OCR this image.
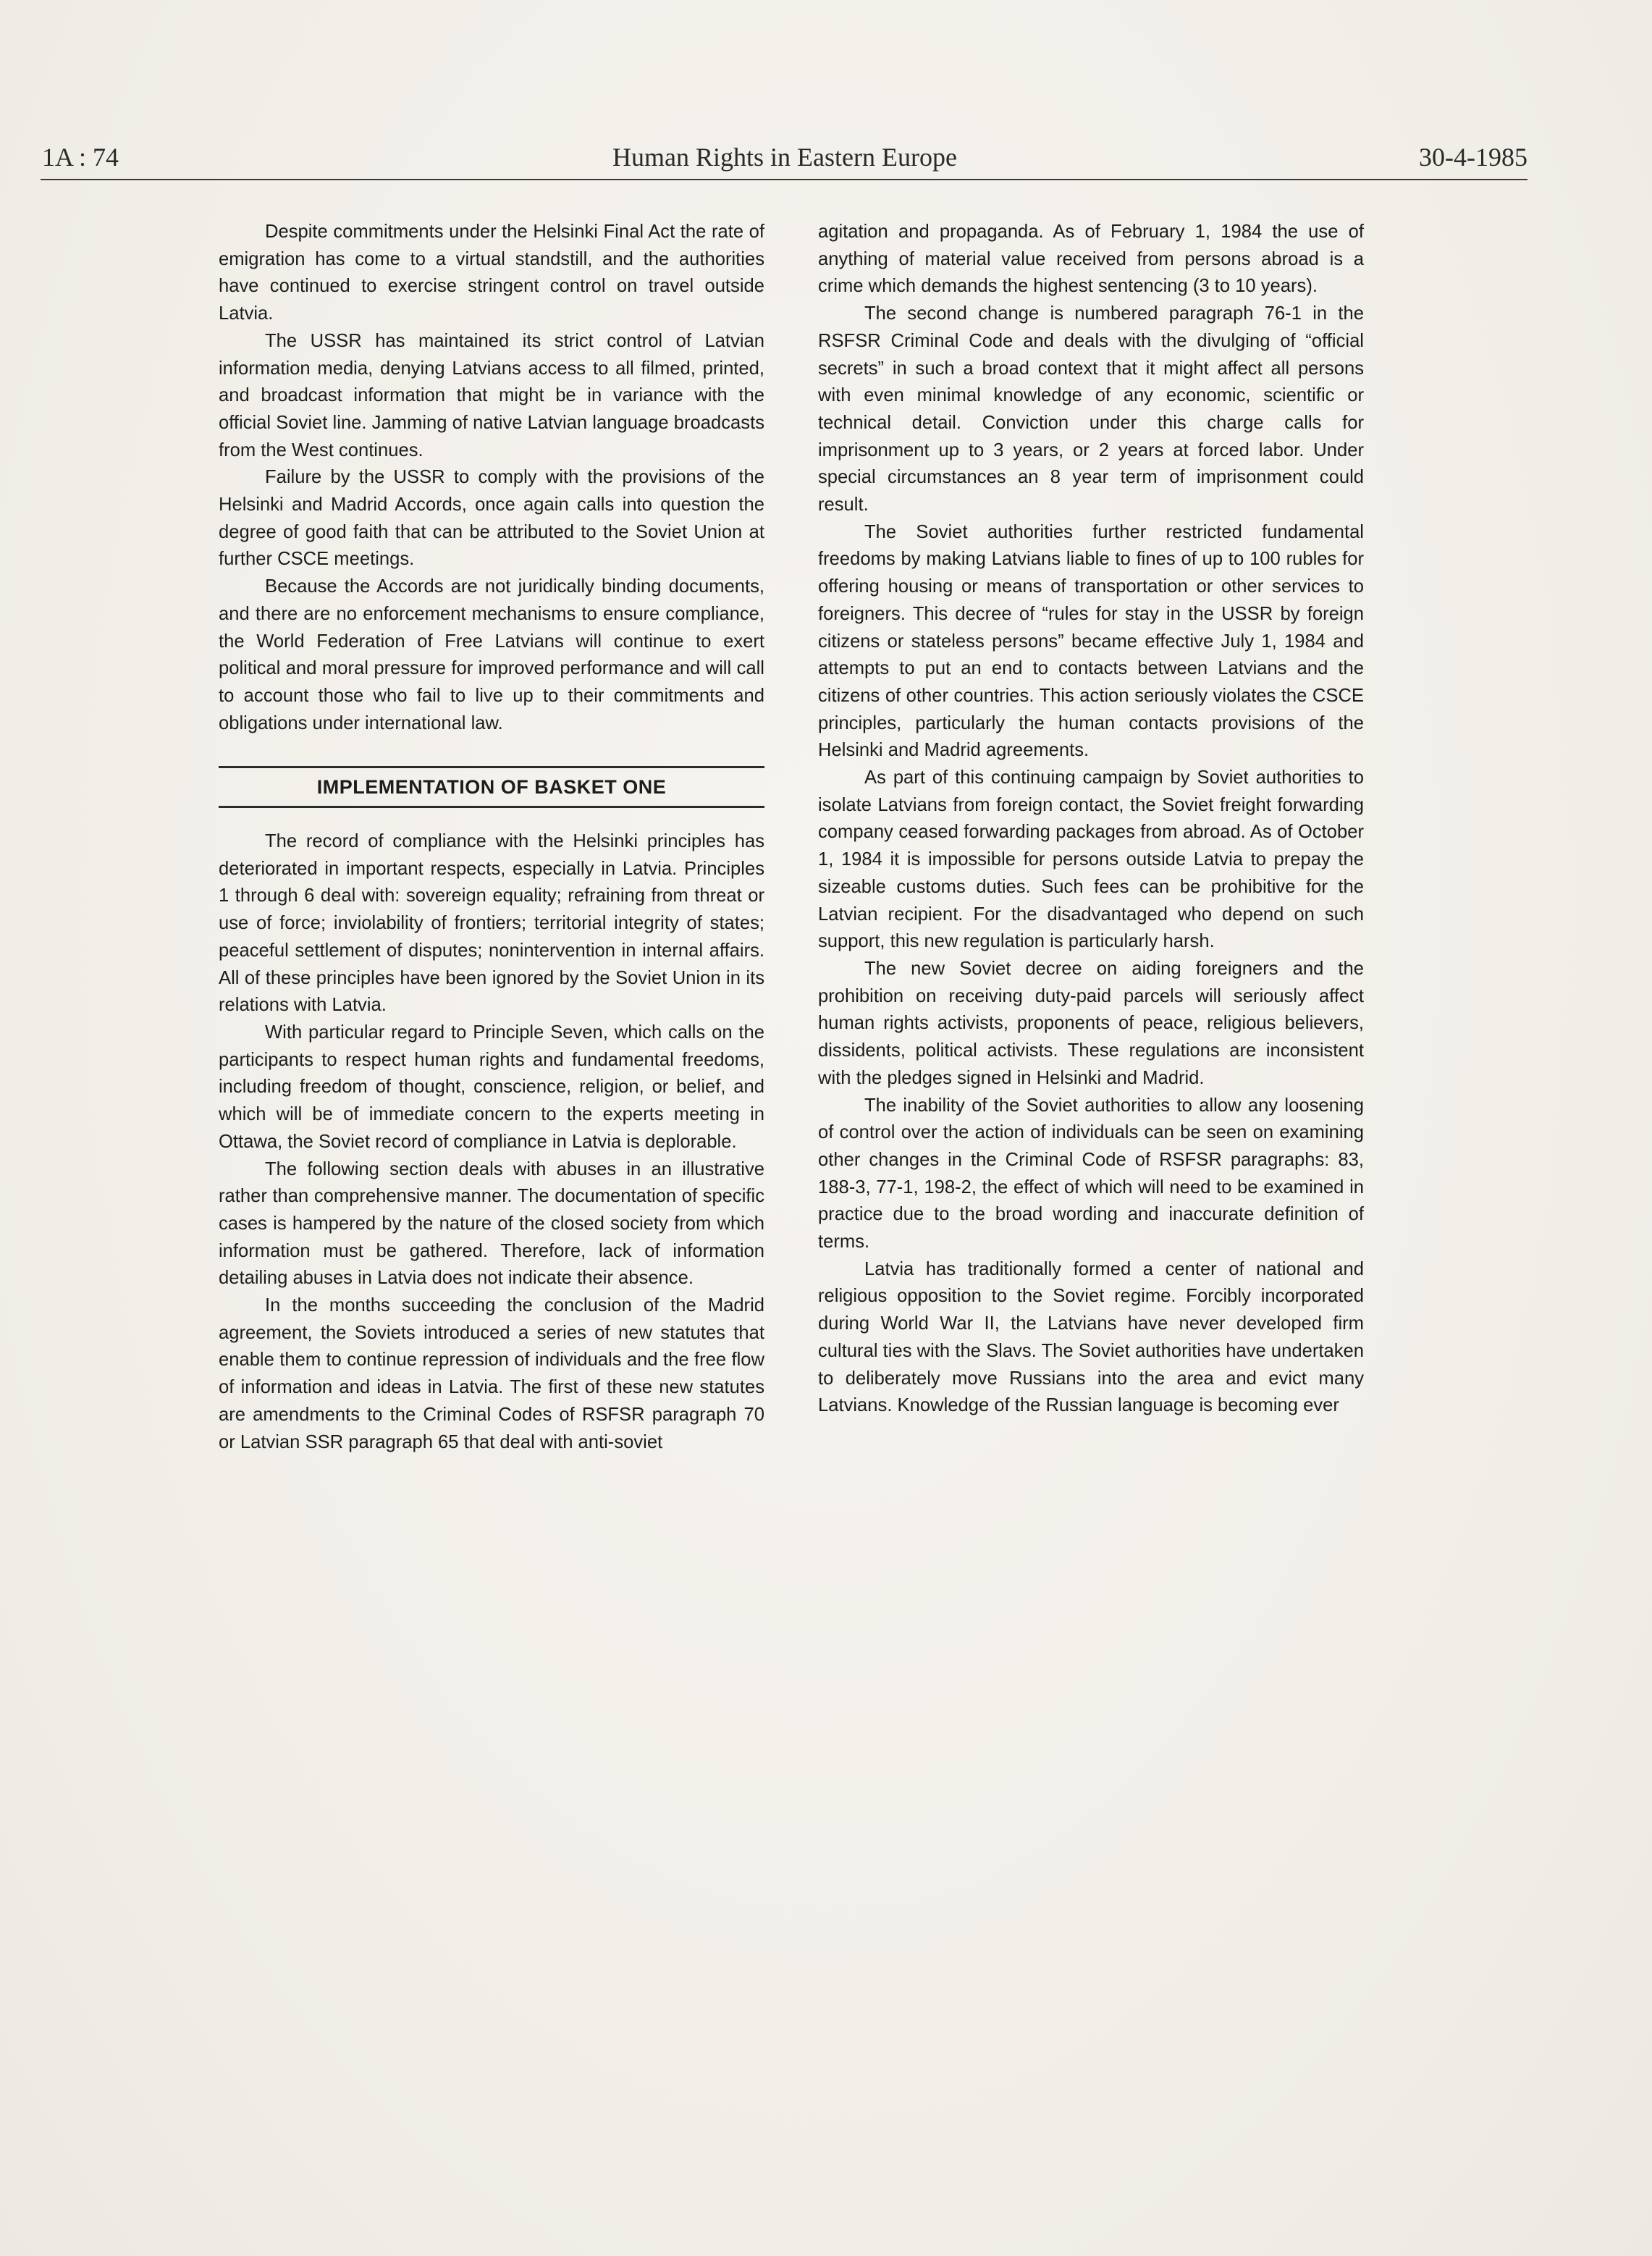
1A : 74	Human Rights in Eastern Europe	30-4-1985

Despite commitments under the Helsinki Final Act the rate of emigration has come to a virtual standstill, and the authorities have continued to exercise stringent control on travel outside Latvia.

The USSR has maintained its strict control of Latvian information media, denying Latvians access to all filmed, printed, and broadcast information that might be in variance with the official Soviet line. Jamming of native Latvian language broadcasts from the West continues.

Failure by the USSR to comply with the provisions of the Helsinki and Madrid Accords, once again calls into question the degree of good faith that can be attributed to the Soviet Union at further CSCE meetings.

Because the Accords are not juridically binding documents, and there are no enforcement mechanisms to ensure compliance, the World Federation of Free Latvians will continue to exert political and moral pressure for improved performance and will call to account those who fail to live up to their commitments and obligations under international law.

IMPLEMENTATION OF BASKET ONE

The record of compliance with the Helsinki principles has deteriorated in important respects, especially in Latvia. Principles 1 through 6 deal with: sovereign equality; refraining from threat or use of force; inviolability of frontiers; territorial integrity of states; peaceful settlement of disputes; nonintervention in internal affairs. All of these principles have been ignored by the Soviet Union in its relations with Latvia.

With particular regard to Principle Seven, which calls on the participants to respect human rights and fundamental freedoms, including freedom of thought, conscience, religion, or belief, and which will be of immediate concern to the experts meeting in Ottawa, the Soviet record of compliance in Latvia is deplorable.

The following section deals with abuses in an illustrative rather than comprehensive manner. The documentation of specific cases is hampered by the nature of the closed society from which information must be gathered. Therefore, lack of information detailing abuses in Latvia does not indicate their absence.

In the months succeeding the conclusion of the Madrid agreement, the Soviets introduced a series of new statutes that enable them to continue repression of individuals and the free flow of information and ideas in Latvia. The first of these new statutes are amendments to the Criminal Codes of RSFSR paragraph 70 or Latvian SSR paragraph 65 that deal with anti-soviet

agitation and propaganda. As of February 1, 1984 the use of anything of material value received from persons abroad is a crime which demands the highest sentencing (3 to 10 years).

The second change is numbered paragraph 76-1 in the RSFSR Criminal Code and deals with the divulging of “official secrets” in such a broad context that it might affect all persons with even minimal knowledge of any economic, scientific or technical detail. Conviction under this charge calls for imprisonment up to 3 years, or 2 years at forced labor. Under special circumstances an 8 year term of imprisonment could result.

The Soviet authorities further restricted fundamental freedoms by making Latvians liable to fines of up to 100 rubles for offering housing or means of transportation or other services to foreigners. This decree of “rules for stay in the USSR by foreign citizens or stateless persons” became effective July 1, 1984 and attempts to put an end to contacts between Latvians and the citizens of other countries. This action seriously violates the CSCE principles, particularly the human contacts provisions of the Helsinki and Madrid agreements.

As part of this continuing campaign by Soviet authorities to isolate Latvians from foreign contact, the Soviet freight forwarding company ceased forwarding packages from abroad. As of October 1, 1984 it is impossible for persons outside Latvia to prepay the sizeable customs duties. Such fees can be prohibitive for the Latvian recipient. For the disadvantaged who depend on such support, this new regulation is particularly harsh.

The new Soviet decree on aiding foreigners and the prohibition on receiving duty-paid parcels will seriously affect human rights activists, proponents of peace, religious believers, dissidents, political activists. These regulations are inconsistent with the pledges signed in Helsinki and Madrid.

The inability of the Soviet authorities to allow any loosening of control over the action of individuals can be seen on examining other changes in the Criminal Code of RSFSR paragraphs: 83, 188-3, 77-1, 198-2, the effect of which will need to be examined in practice due to the broad wording and inaccurate definition of terms.

Latvia has traditionally formed a center of national and religious opposition to the Soviet regime. Forcibly incorporated during World War II, the Latvians have never developed firm cultural ties with the Slavs. The Soviet authorities have undertaken to deliberately move Russians into the area and evict many Latvians. Knowledge of the Russian language is becoming ever
